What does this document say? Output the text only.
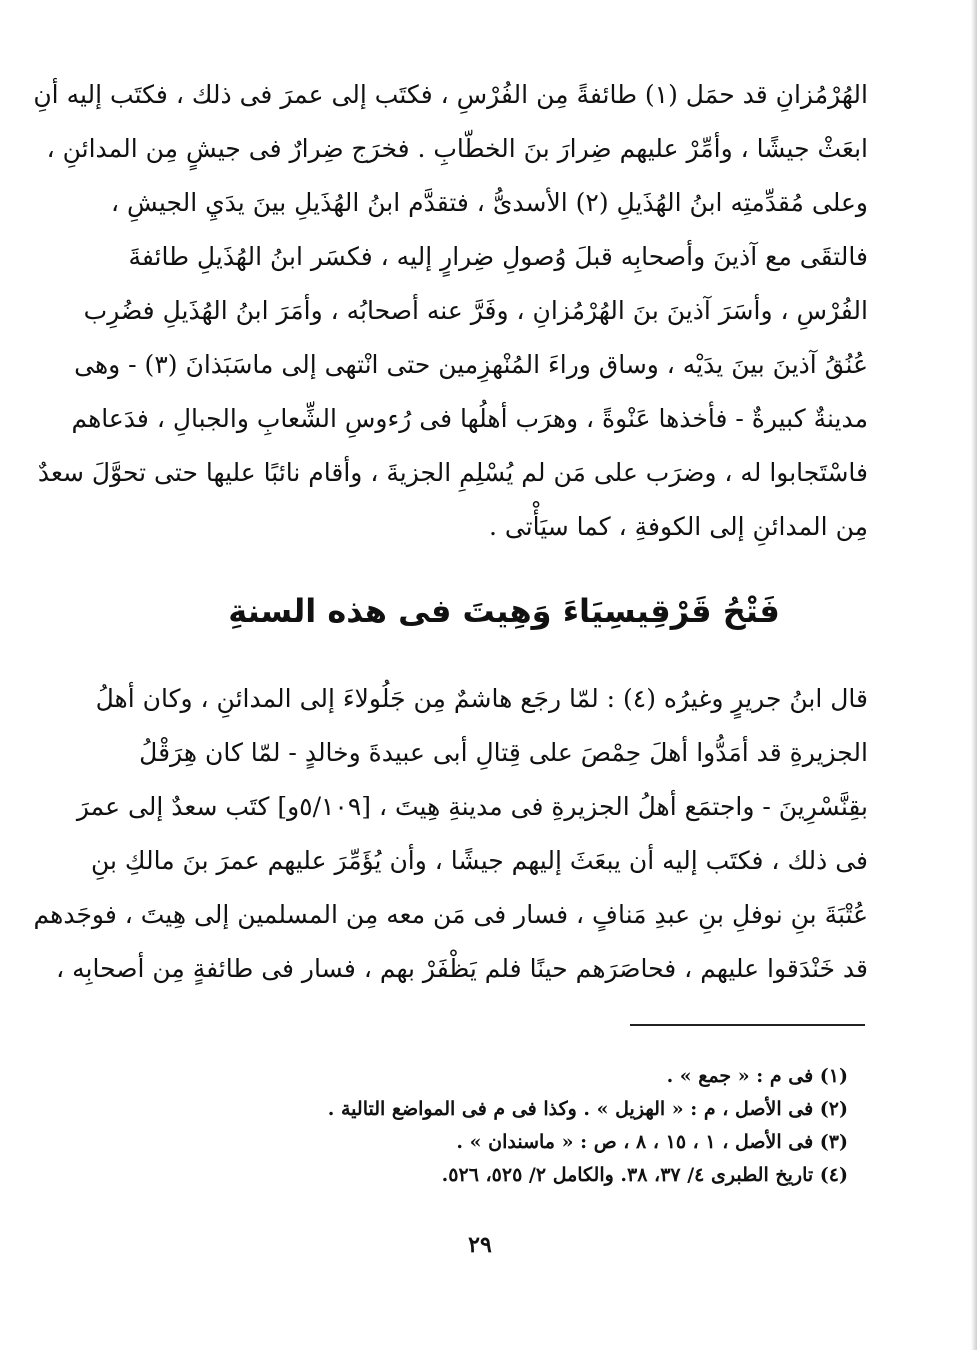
الهُرْمُزانِ قد حمَل (١) طائفةً مِن الفُرْسِ ، فكتَب إلى عمرَ فى ذلك ، فكتَب إليه أنِ
ابعَثْ جيشًا ، وأمِّرْ عليهم ضِرارَ بنَ الخطّابِ . فخرَج ضِرارٌ فى جيشٍ مِن المدائنِ ،
وعلى مُقدِّمتِه ابنُ الهُذَيلِ (٢) الأسدىُّ ، فتقدَّم ابنُ الهُذَيلِ بينَ يدَيِ الجيشِ ،
فالتقَى مع آذينَ وأصحابِه قبلَ وُصولِ ضِرارٍ إليه ، فكسَر ابنُ الهُذَيلِ طائفةَ
الفُرْسِ ، وأسَرَ آذينَ بنَ الهُرْمُزانِ ، وفَرَّ عنه أصحابُه ، وأمَرَ ابنُ الهُذَيلِ فضُرِب
عُنُقُ آذينَ بينَ يدَيْه ، وساق وراءَ المُنْهزِمين حتى انْتهى إلى ماسَبَذانَ (٣) - وهى
مدينةٌ كبيرةٌ - فأخذها عَنْوةً ، وهرَب أهلُها فى رُءوسِ الشِّعابِ والجبالِ ، فدَعاهم
فاسْتَجابوا له ، وضرَب على مَن لم يُسْلِمِ الجزيةَ ، وأقام نائبًا عليها حتى تحوَّلَ سعدٌ
مِن المدائنِ إلى الكوفةِ ، كما سيَأْتى .
فَتْحُ قَرْقِيسِيَاءَ وَهِيتَ فى هذه السنةِ
قال ابنُ جريرٍ وغيرُه (٤) : لمّا رجَع هاشمٌ مِن جَلُولاءَ إلى المدائنِ ، وكان أهلُ
الجزيرةِ قد أمَدُّوا أهلَ حِمْصَ على قِتالِ أبى عبيدةَ وخالدٍ - لمّا كان هِرَقْلُ
بقِنَّسْرِينَ - واجتمَع أهلُ الجزيرةِ فى مدينةِ هِيتَ ، [٥/١٠٩و] كتَب سعدٌ إلى عمرَ
فى ذلك ، فكتَب إليه أن يبعَثَ إليهم جيشًا ، وأن يُؤَمِّرَ عليهم عمرَ بنَ مالكِ بنِ
عُتْبَةَ بنِ نوفلِ بنِ عبدِ مَنافٍ ، فسار فى مَن معه مِن المسلمين إلى هِيتَ ، فوجَدهم
قد خَنْدَقوا عليهم ، فحاصَرَهم حينًا فلم يَظْفَرْ بهم ، فسار فى طائفةٍ مِن أصحابِه ،
(١) فى م : « جمع » .
(٢) فى الأصل ، م : « الهزيل » . وكذا فى م فى المواضع التالية .
(٣) فى الأصل ، ١ ، ١٥ ، ٨ ، ص : « ماسندان » .
(٤) تاريخ الطبرى ٤/ ٣٧، ٣٨. والكامل ٢/ ٥٢٥، ٥٢٦.
٢٩
